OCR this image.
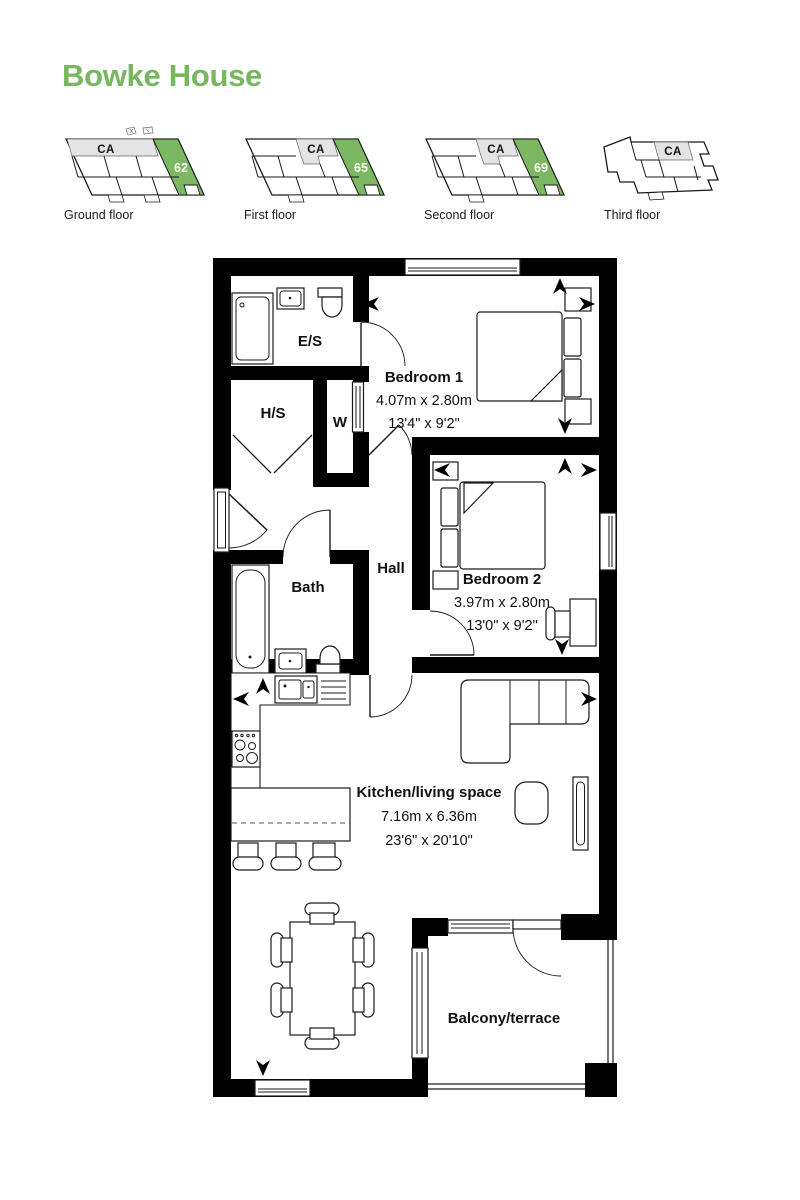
Bowke House
CA
62
Ground floor
CA
65
First floor
CA
69
Second floor
CA
Third floor
E/S
H/S
W
Bedroom 1
4.07m x 2.80m
13'4" x 9'2"
Bedroom 2
3.97m x 2.80m
13'0" x 9'2"
Bath
Hall
Kitchen/living space
7.16m x 6.36m
23'6" x 20'10"
Balcony/terrace
